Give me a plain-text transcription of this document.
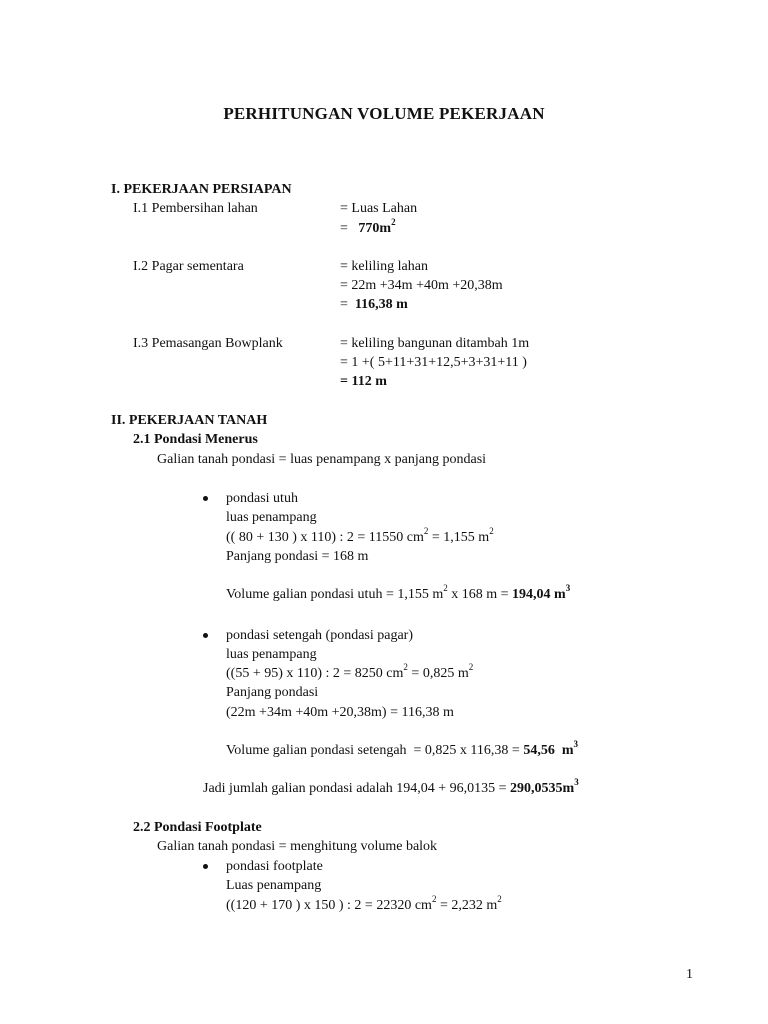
PERHITUNGAN VOLUME PEKERJAAN
I. PEKERJAAN PERSIAPAN
I.1 Pembersihan lahan	= Luas Lahan
=   $770m^2$
I.2 Pagar sementara	= keliling lahan
= 22m +34m +40m +20,38m
=  116,38 m
I.3 Pemasangan Bowplank	= keliling bangunan ditambah 1m
= 1 +( 5+11+31+12,5+3+31+11 )
= 112 m
II. PEKERJAAN TANAH
2.1 Pondasi Menerus
Galian tanah pondasi = luas penampang x panjang pondasi
pondasi utuh
luas penampang
(( 80 + 130 ) x 110) : 2 = 11550 $cm^2 = 1,155$ $m^2$
Panjang pondasi = 168 m
Volume galian pondasi utuh = 1,155 $m^2$ x 168 m = 194,04 $m^3$
pondasi setengah (pondasi pagar)
luas penampang
((55 + 95) x 110) : 2 = 8250 $cm^2 = 0,825$ $m^2$
Panjang pondasi
(22m +34m +40m +20,38m) = 116,38 m
Volume galian pondasi setengah  = 0,825 x 116,38 = 54,56  $m^3$
Jadi jumlah galian pondasi adalah $194,04 + 96,0135 = 290,0535m^3$
2.2 Pondasi Footplate
Galian tanah pondasi = menghitung volume balok
pondasi footplate
Luas penampang
((120 + 170 ) x 150 ) : 2 = 22320 $cm^2 = 2,232$ $m^2$
1
